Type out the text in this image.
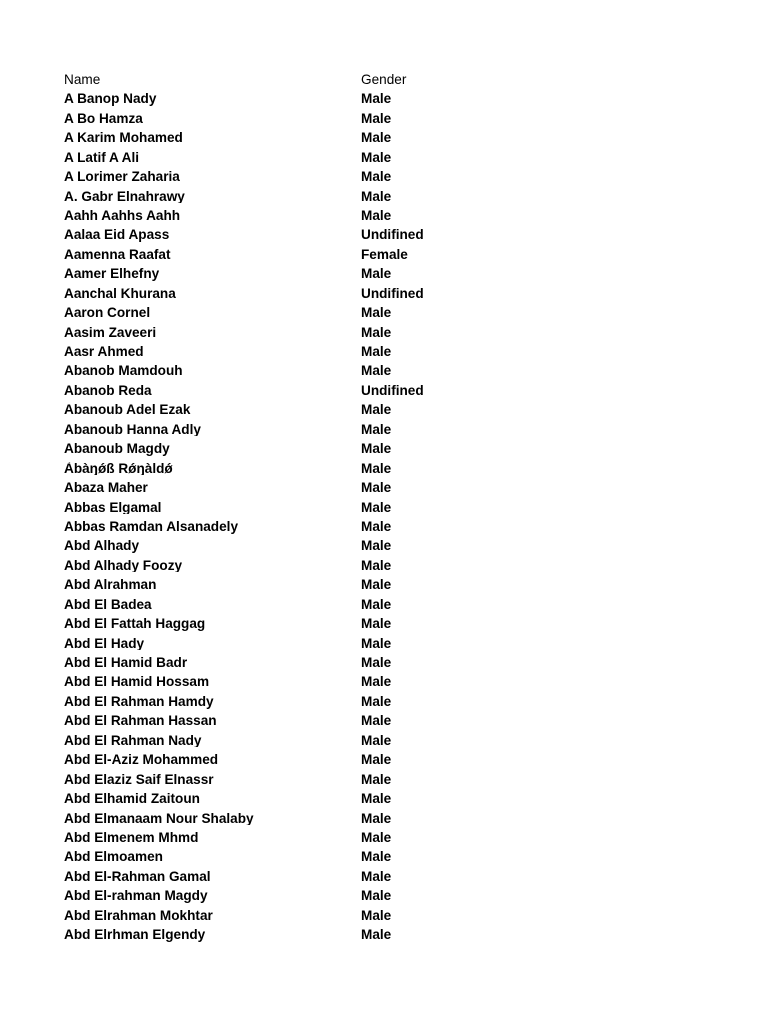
Name	Gender
A Banop Nady	Male
A Bo Hamza	Male
A Karim Mohamed	Male
A Latif A Ali	Male
A Lorimer Zaharia	Male
A. Gabr Elnahrawy	Male
Aahh Aahhs Aahh	Male
Aalaa Eid Apass	Undifined
Aamenna Raafat	Female
Aamer Elhefny	Male
Aanchal Khurana	Undifined
Aaron Cornel	Male
Aasim Zaveeri	Male
Aasr Ahmed	Male
Abanob Mamdouh	Male
Abanob Reda	Undifined
Abanoub Adel Ezak	Male
Abanoub Hanna Adly	Male
Abanoub Magdy	Male
Àbàŋǿß Rǿŋàldǿ	Male
Abaza Maher	Male
Abbas Elgamal	Male
Abbas Ramdan Alsanadely	Male
Abd Alhady	Male
Abd Alhady Foozy	Male
Abd Alrahman	Male
Abd El Badea	Male
Abd El Fattah Haggag	Male
Abd El Hady	Male
Abd El Hamid Badr	Male
Abd El Hamid Hossam	Male
Abd El Rahman Hamdy	Male
Abd El Rahman Hassan	Male
Abd El Rahman Nady	Male
Abd El-Aziz Mohammed	Male
Abd Elaziz Saif Elnassr	Male
Abd Elhamid Zaitoun	Male
Abd Elmanaam Nour Shalaby	Male
Abd Elmenem Mhmd	Male
Abd Elmoamen	Male
Abd El-Rahman Gamal	Male
Abd El-rahman Magdy	Male
Abd Elrahman Mokhtar	Male
Abd Elrhman Elgendy	Male
